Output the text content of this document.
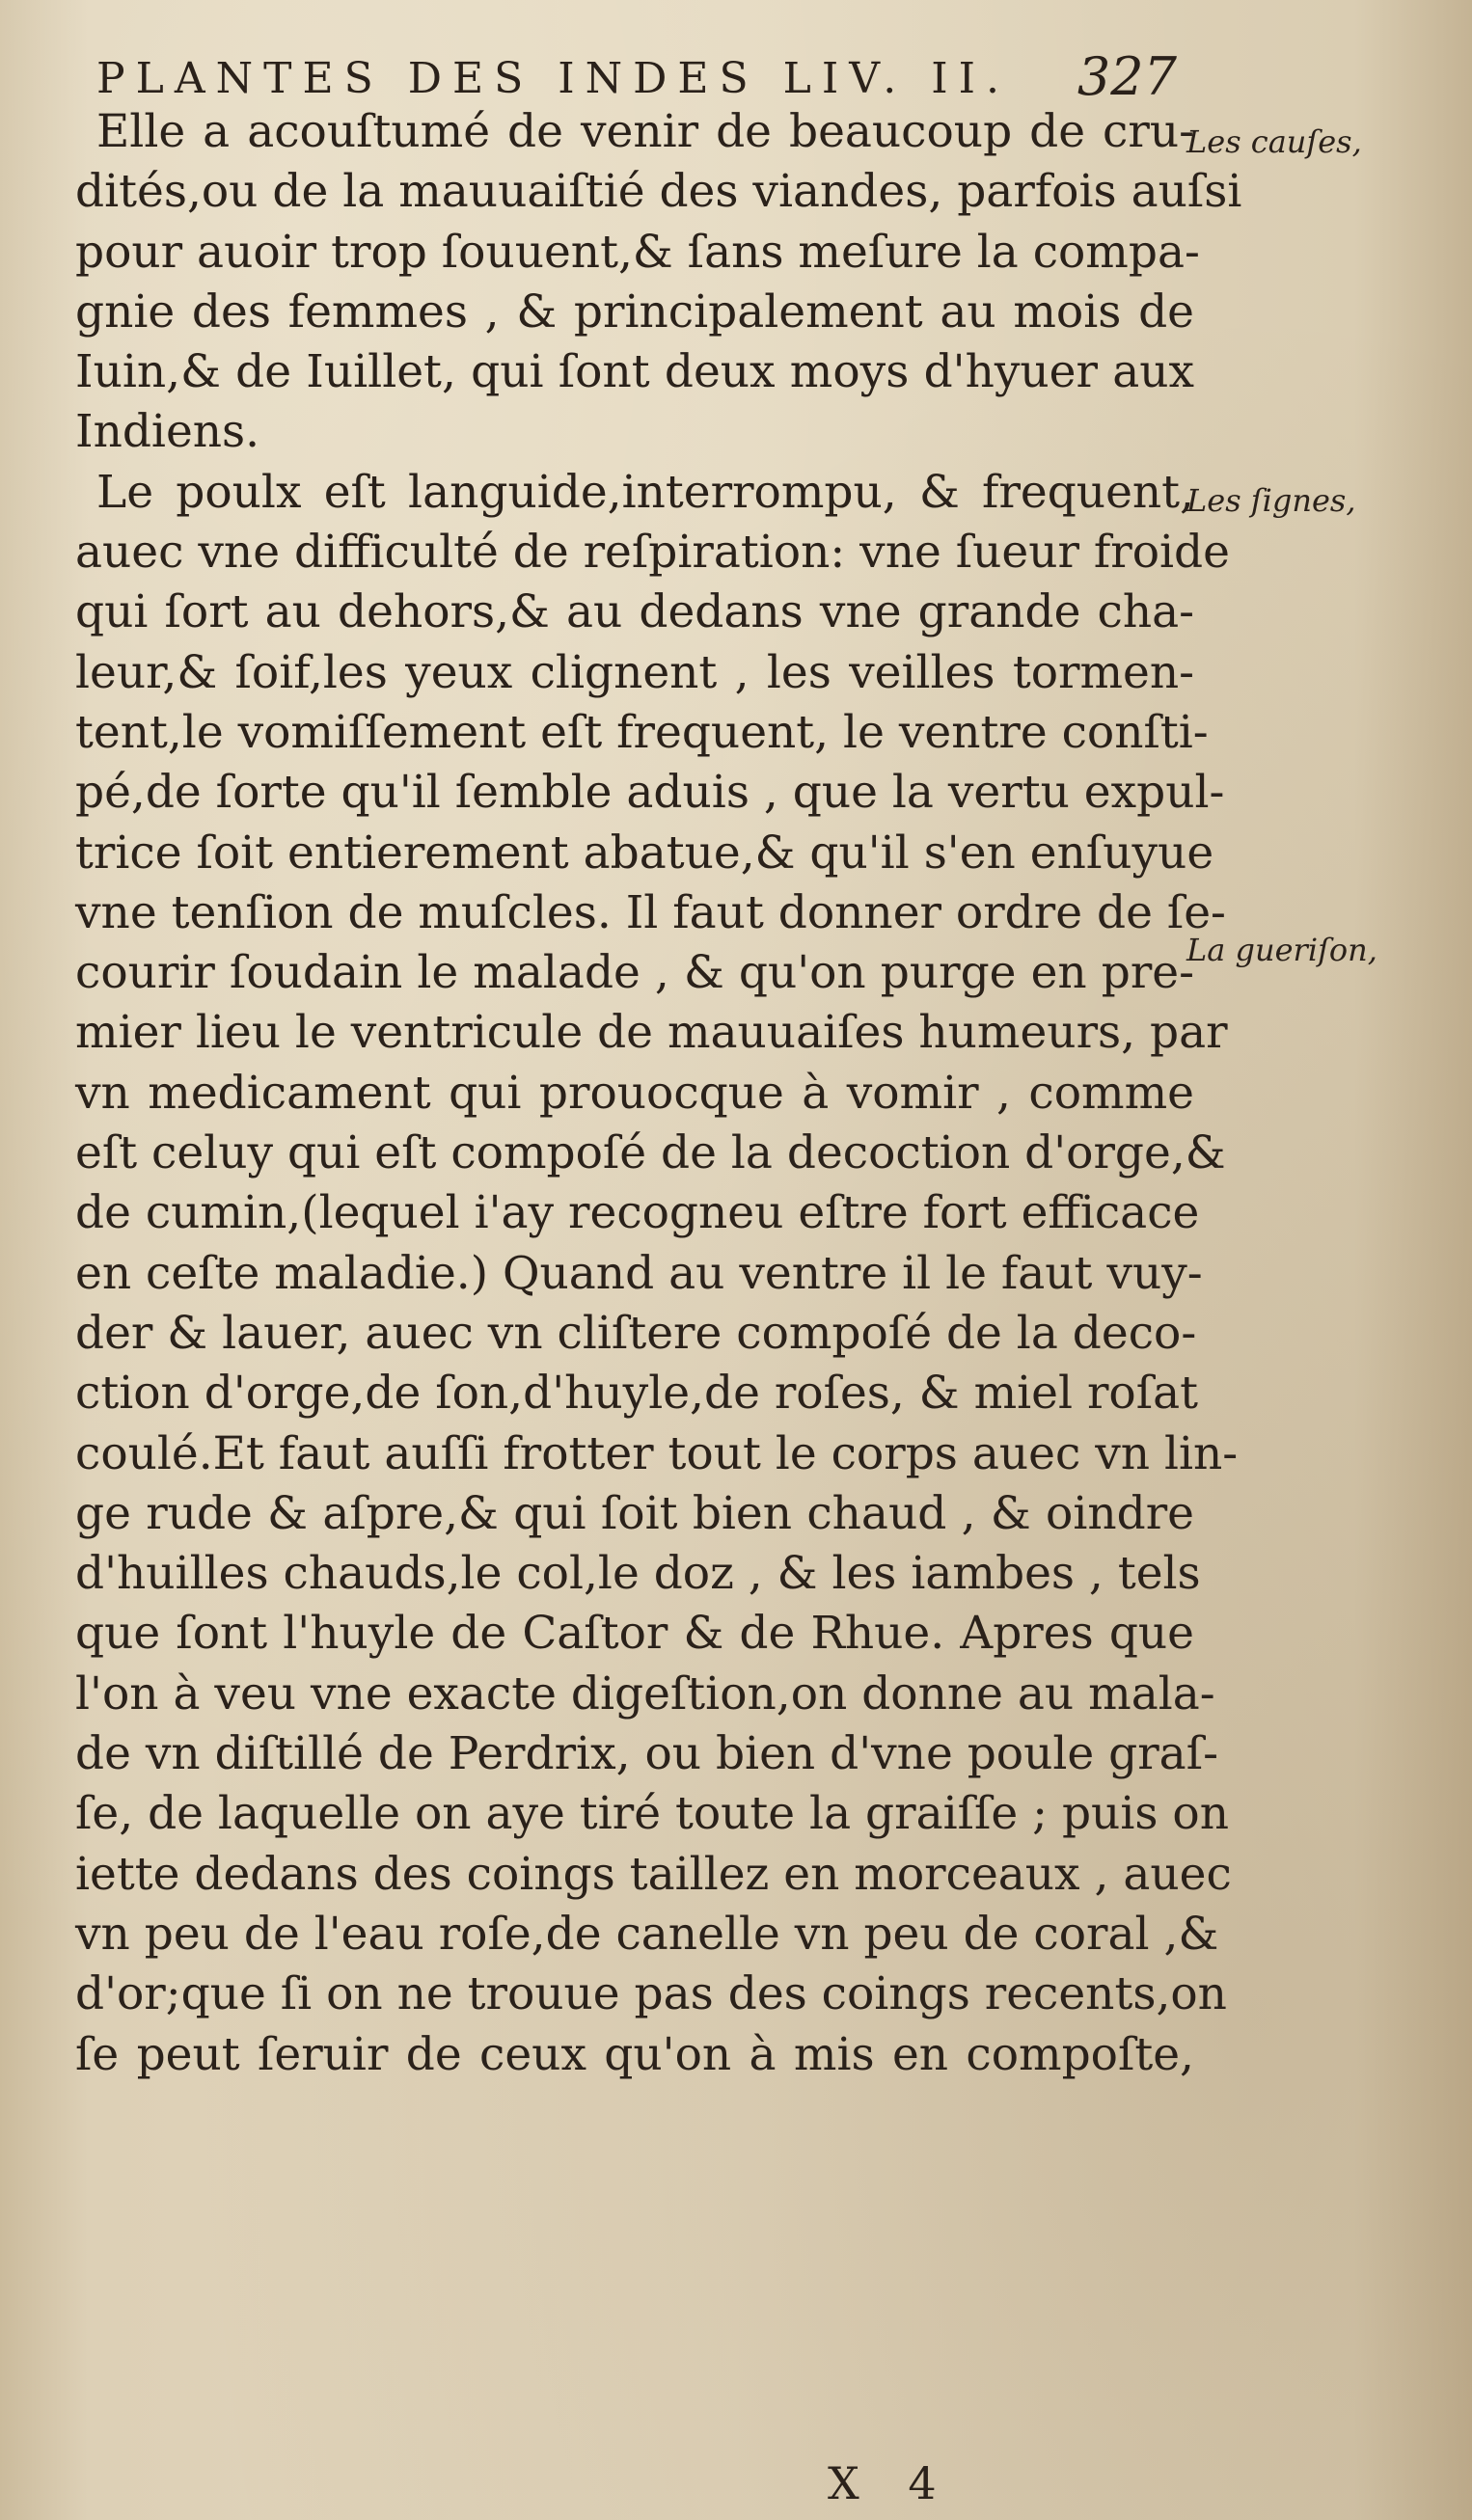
PLANTES DES INDES LIV. II. 327
Elle a acouſtumé de venir de beaucoup de cru-
dités,ou de la mauuaiſtié des viandes, parfois auſsi
pour auoir trop ſouuent,& ſans meſure la compa-
gnie des femmes , & principalement au mois de
Iuin,& de Iuillet, qui ſont deux moys d'hyuer aux
Indiens.
Le poulx eſt languide,interrompu, & frequent,
auec vne difficulté de reſpiration: vne ſueur froide
qui ſort au dehors,& au dedans vne grande cha-
leur,& ſoif,les yeux clignent , les veilles tormen-
tent,le vomiſſement eſt frequent, le ventre conſti-
pé,de ſorte qu'il ſemble aduis , que la vertu expul-
trice ſoit entierement abatue,& qu'il s'en enſuyue
vne tenſion de muſcles. Il faut donner ordre de ſe-
courir ſoudain le malade , & qu'on purge en pre-
mier lieu le ventricule de mauuaiſes humeurs, par
vn medicament qui prouocque à vomir , comme
eſt celuy qui eſt compoſé de la decoction d'orge,&
de cumin,(lequel i'ay recogneu eſtre fort efficace
en ceſte maladie.) Quand au ventre il le faut vuy-
der & lauer, auec vn cliſtere compoſé de la deco-
ction d'orge,de ſon,d'huyle,de roſes, & miel roſat
coulé.Et faut auſſi frotter tout le corps auec vn lin-
ge rude & aſpre,& qui ſoit bien chaud , & oindre
d'huilles chauds,le col,le doz , & les iambes , tels
que ſont l'huyle de Caſtor & de Rhue. Apres que
l'on à veu vne exacte digeſtion,on donne au mala-
de vn diſtillé de Perdrix, ou bien d'vne poule graſ-
ſe, de laquelle on aye tiré toute la graiſſe ; puis on
iette dedans des coings taillez en morceaux , auec
vn peu de l'eau roſe,de canelle vn peu de coral ,&
d'or;que ſi on ne trouue pas des coings recents,on
ſe peut ſeruir de ceux qu'on à mis en compoſte,
Les cauſes,
Les ſignes,
La gueriſon,
X 4
